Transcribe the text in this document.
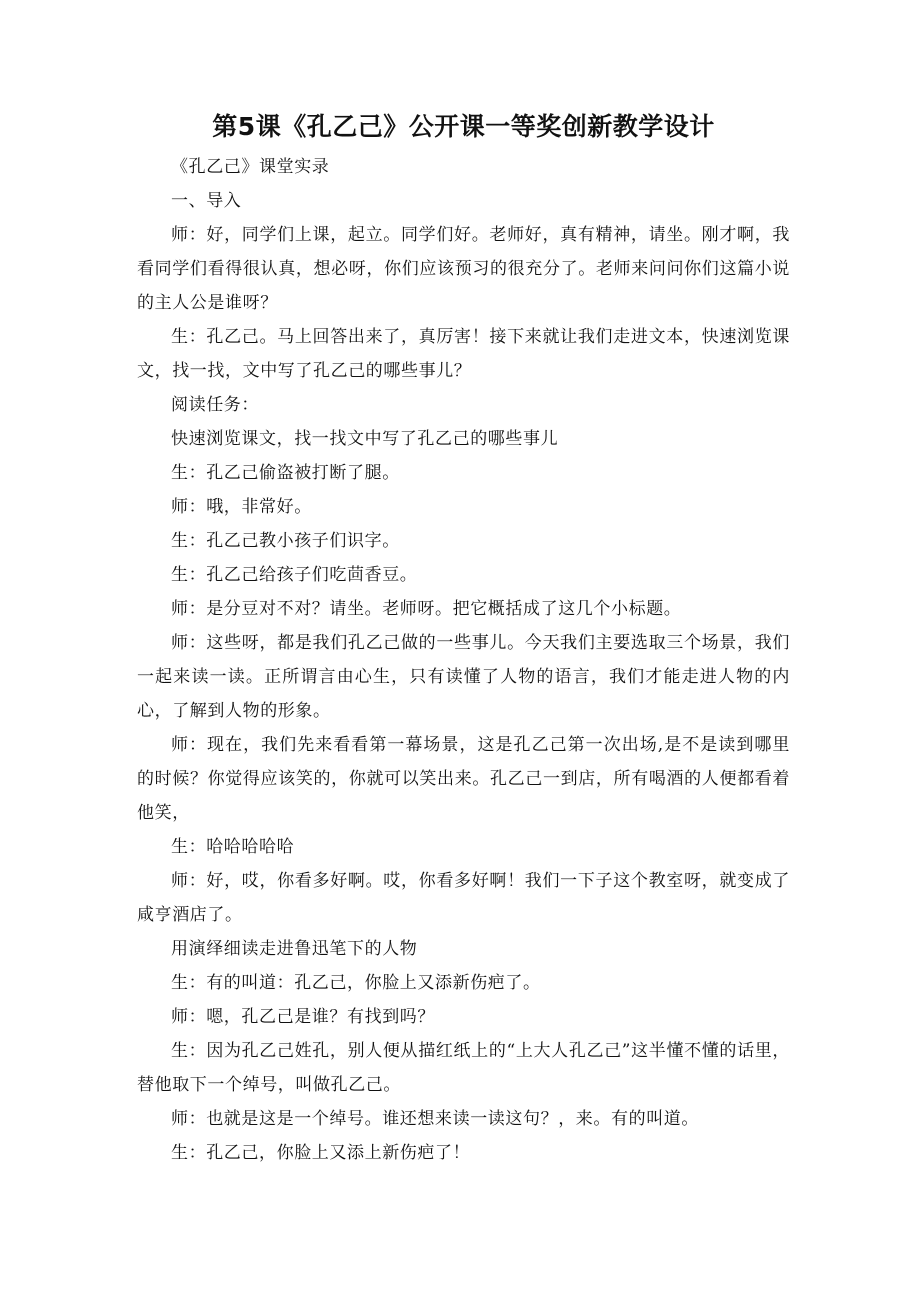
第5课《孔乙己》公开课一等奖创新教学设计

《孔乙己》课堂实录

一、导入

师：好，同学们上课，起立。同学们好。老师好，真有精神，请坐。刚才啊，我看同学们看得很认真，想必呀，你们应该预习的很充分了。老师来问问你们这篇小说的主人公是谁呀？

生：孔乙己。马上回答出来了，真厉害！接下来就让我们走进文本，快速浏览课文，找一找，文中写了孔乙己的哪些事儿？

阅读任务：

快速浏览课文，找一找文中写了孔乙己的哪些事儿

生：孔乙己偷盗被打断了腿。

师：哦，非常好。

生：孔乙己教小孩子们识字。

生：孔乙己给孩子们吃茴香豆。

师：是分豆对不对？请坐。老师呀。把它概括成了这几个小标题。

师：这些呀，都是我们孔乙己做的一些事儿。今天我们主要选取三个场景，我们一起来读一读。正所谓言由心生，只有读懂了人物的语言，我们才能走进人物的内心，了解到人物的形象。

师：现在，我们先来看看第一幕场景，这是孔乙己第一次出场,是不是读到哪里的时候？你觉得应该笑的，你就可以笑出来。孔乙己一到店，所有喝酒的人便都看着他笑，

生：哈哈哈哈哈

师：好，哎，你看多好啊。哎，你看多好啊！我们一下子这个教室呀，就变成了咸亨酒店了。

用演绎细读走进鲁迅笔下的人物

生：有的叫道：孔乙己，你脸上又添新伤疤了。

师：嗯，孔乙己是谁？有找到吗？

生：因为孔乙己姓孔，别人便从描红纸上的“上大人孔乙己”这半懂不懂的话里，替他取下一个绰号，叫做孔乙己。

师：也就是这是一个绰号。谁还想来读一读这句？，来。有的叫道。

生：孔乙己，你脸上又添上新伤疤了！
